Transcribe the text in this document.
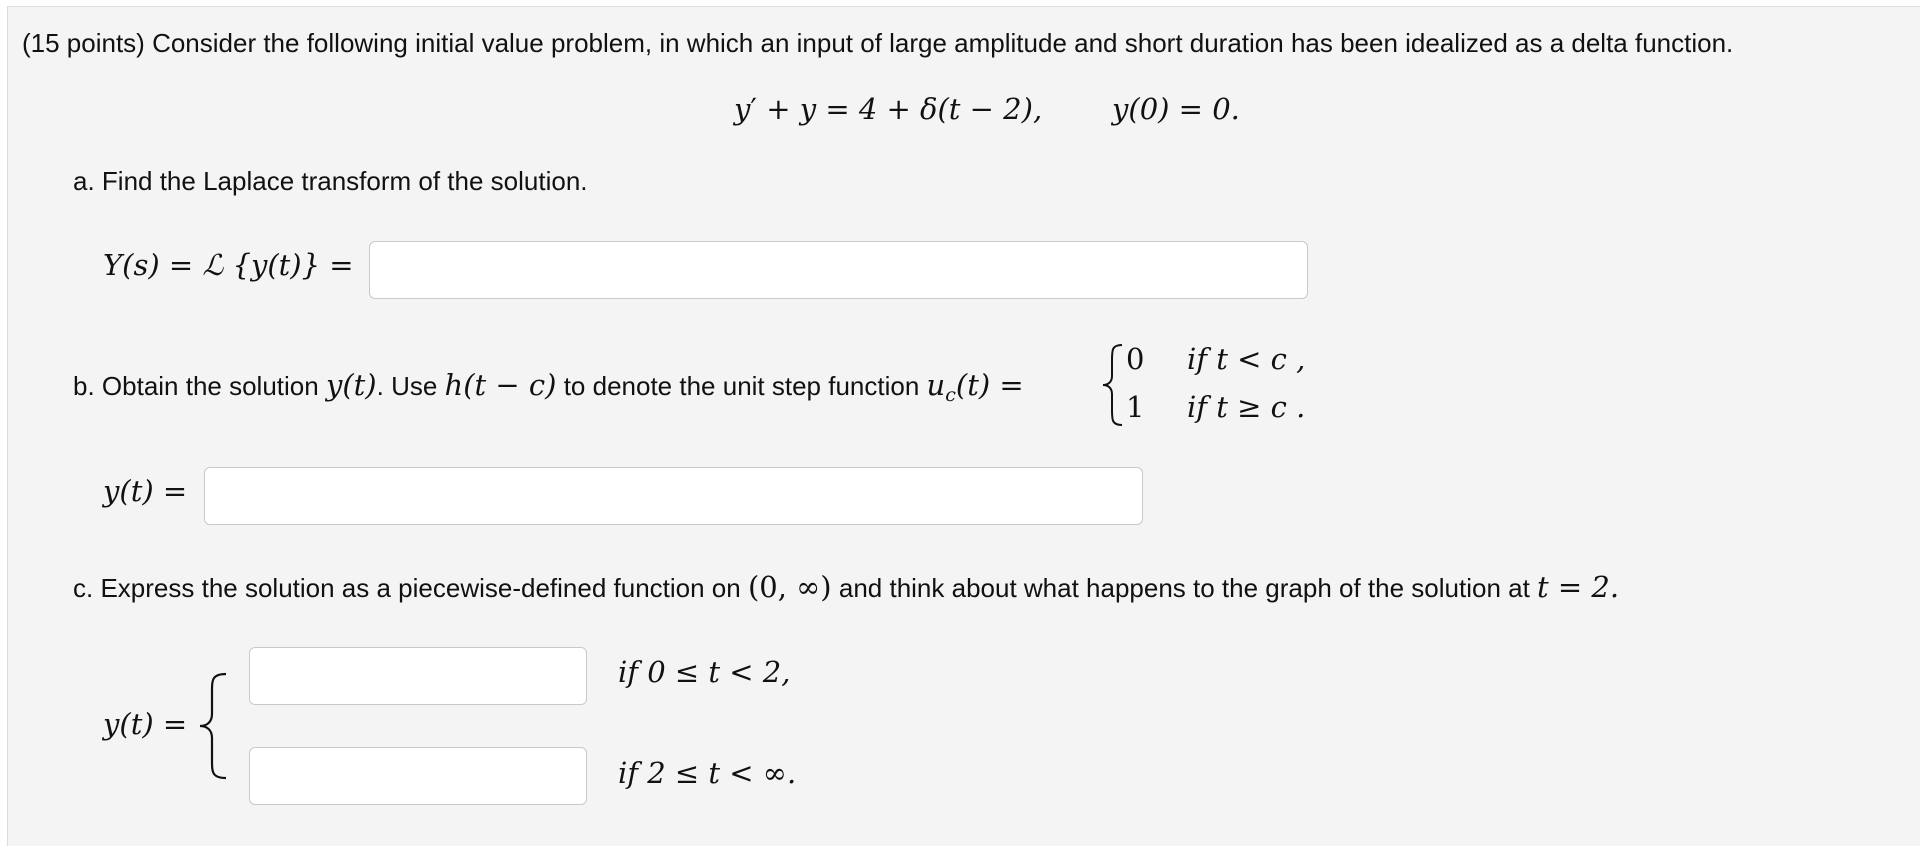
(15 points) Consider the following initial value problem, in which an input of large amplitude and short duration has been idealized as a delta function.
y′ + y = 4 + δ(t − 2), y(0) = 0.
a. Find the Laplace transform of the solution.
Y(s) = ℒ {y(t)} =
b. Obtain the solution y(t). Use h(t − c) to denote the unit step function $u_c(t)$ =
0
1
if t < c ,
if t ≥ c .
y(t) =
c. Express the solution as a piecewise-defined function on (0, ∞) and think about what happens to the graph of the solution at t = 2.
y(t) =
if 0 ≤ t < 2,
if 2 ≤ t < ∞.
